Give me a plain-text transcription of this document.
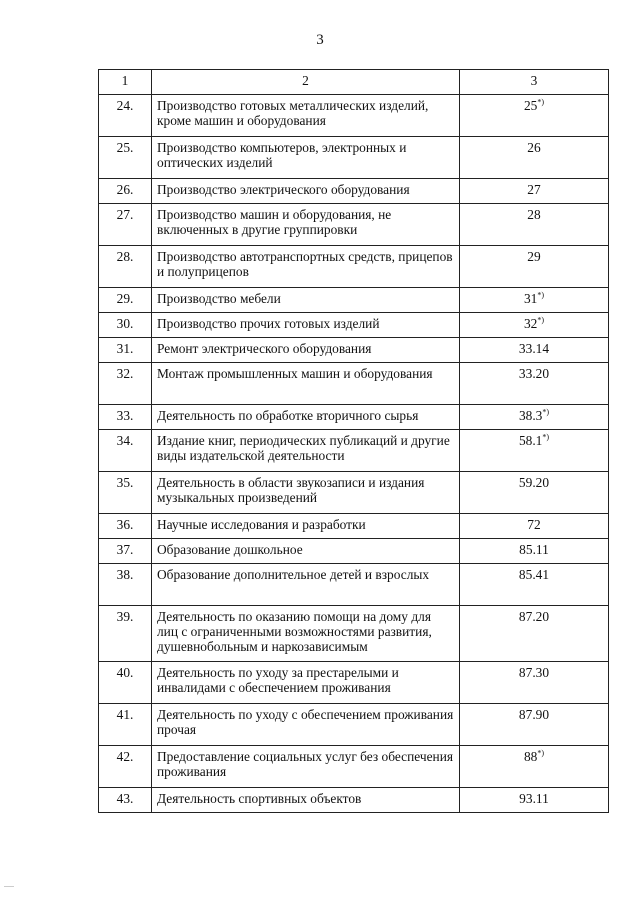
3
1	2	3
24.	Производство готовых металлических изделий, кроме машин и оборудования	25*)
25.	Производство компьютеров, электронных и оптических изделий	26
26.	Производство электрического оборудования	27
27.	Производство машин и оборудования, не включенных в другие группировки	28
28.	Производство автотранспортных средств, прицепов и полуприцепов	29
29.	Производство мебели	31*)
30.	Производство прочих готовых изделий	32*)
31.	Ремонт электрического оборудования	33.14
32.	Монтаж промышленных машин и оборудования	33.20
33.	Деятельность по обработке вторичного сырья	38.3*)
34.	Издание книг, периодических публикаций и другие виды издательской деятельности	58.1*)
35.	Деятельность в области звукозаписи и издания музыкальных произведений	59.20
36.	Научные исследования и разработки	72
37.	Образование дошкольное	85.11
38.	Образование дополнительное детей и взрослых	85.41
39.	Деятельность по оказанию помощи на дому для лиц с ограниченными возможностями развития, душевнобольным и наркозависимым	87.20
40.	Деятельность по уходу за престарелыми и инвалидами с обеспечением проживания	87.30
41.	Деятельность по уходу с обеспечением проживания прочая	87.90
42.	Предоставление социальных услуг без обеспечения проживания	88*)
43.	Деятельность спортивных объектов	93.11
